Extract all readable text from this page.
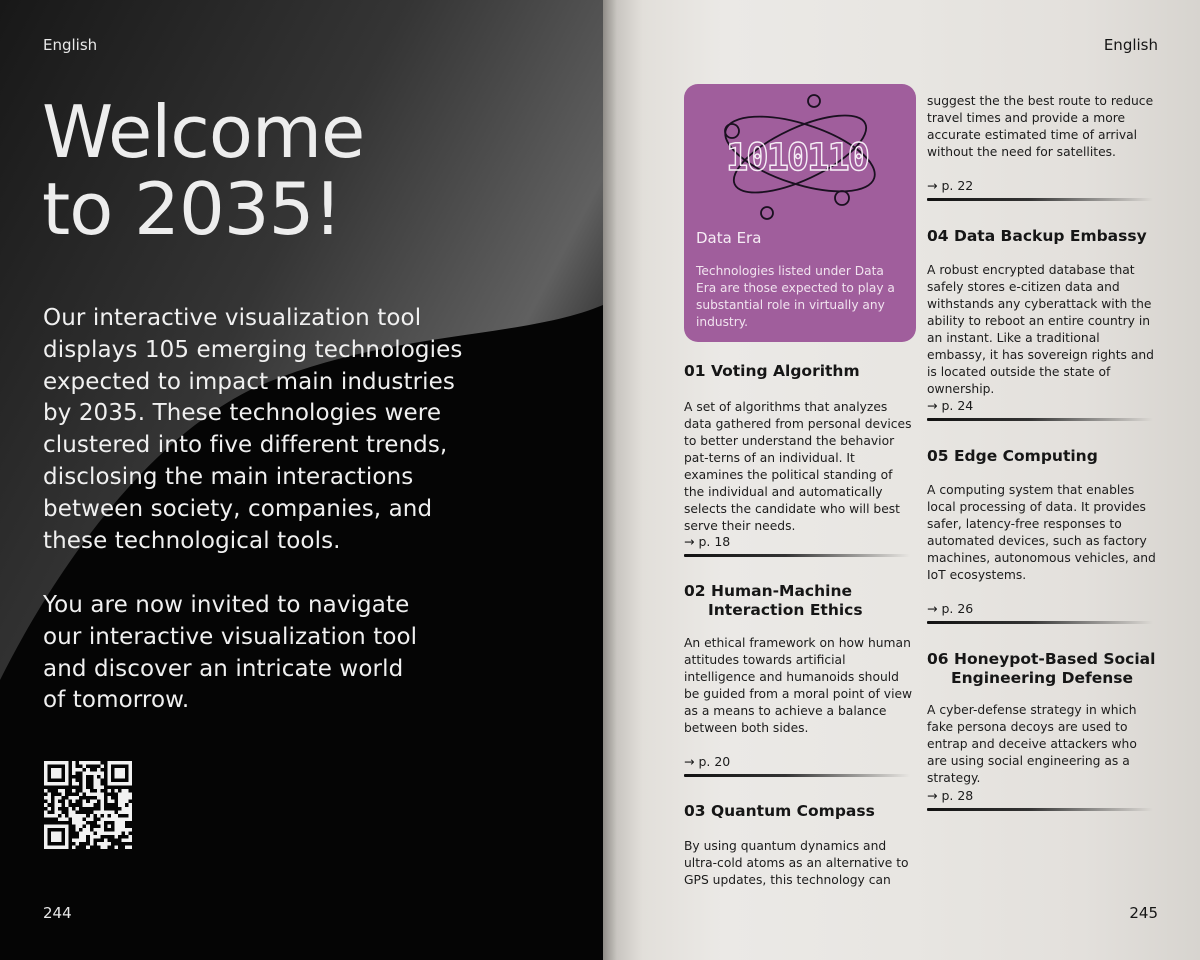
English
Welcome
to 2035!

Our interactive visualization tool
displays 105 emerging technologies
expected to impact main industries
by 2035. These technologies were
clustered into five different trends,
disclosing the main interactions
between society, companies, and
these technological tools.

You are now invited to navigate
our interactive visualization tool
and discover an intricate world
of tomorrow.

244
English
1010110
Data Era
Technologies listed under Data Era are those expected to play a substantial role in virtually any industry.
01 Voting Algorithm
A set of algorithms that analyzes data gathered from personal devices to better understand the behavior pat-terns of an individual. It examines the political standing of the individual and automatically selects the candidate who will best serve their needs.
→ p. 18
02 Human-Machine
Interaction Ethics
An ethical framework on how human attitudes towards artificial intelligence and humanoids should be guided from a moral point of view as a means to achieve a balance between both sides.
→ p. 20
03 Quantum Compass
By using quantum dynamics and ultra-cold atoms as an alternative to GPS updates, this technology can
suggest the the best route to reduce travel times and provide a more accurate estimated time of arrival without the need for satellites.
→ p. 22
04 Data Backup Embassy
A robust encrypted database that safely stores e-citizen data and withstands any cyberattack with the ability to reboot an entire country in an instant. Like a traditional embassy, it has sovereign rights and is located outside the state of ownership.
→ p. 24
05 Edge Computing
A computing system that enables local processing of data. It provides safer, latency-free responses to automated devices, such as factory machines, autonomous vehicles, and IoT ecosystems.
→ p. 26
06 Honeypot-Based Social
Engineering Defense
A cyber-defense strategy in which fake persona decoys are used to entrap and deceive attackers who are using social engineering as a strategy.
→ p. 28
245
